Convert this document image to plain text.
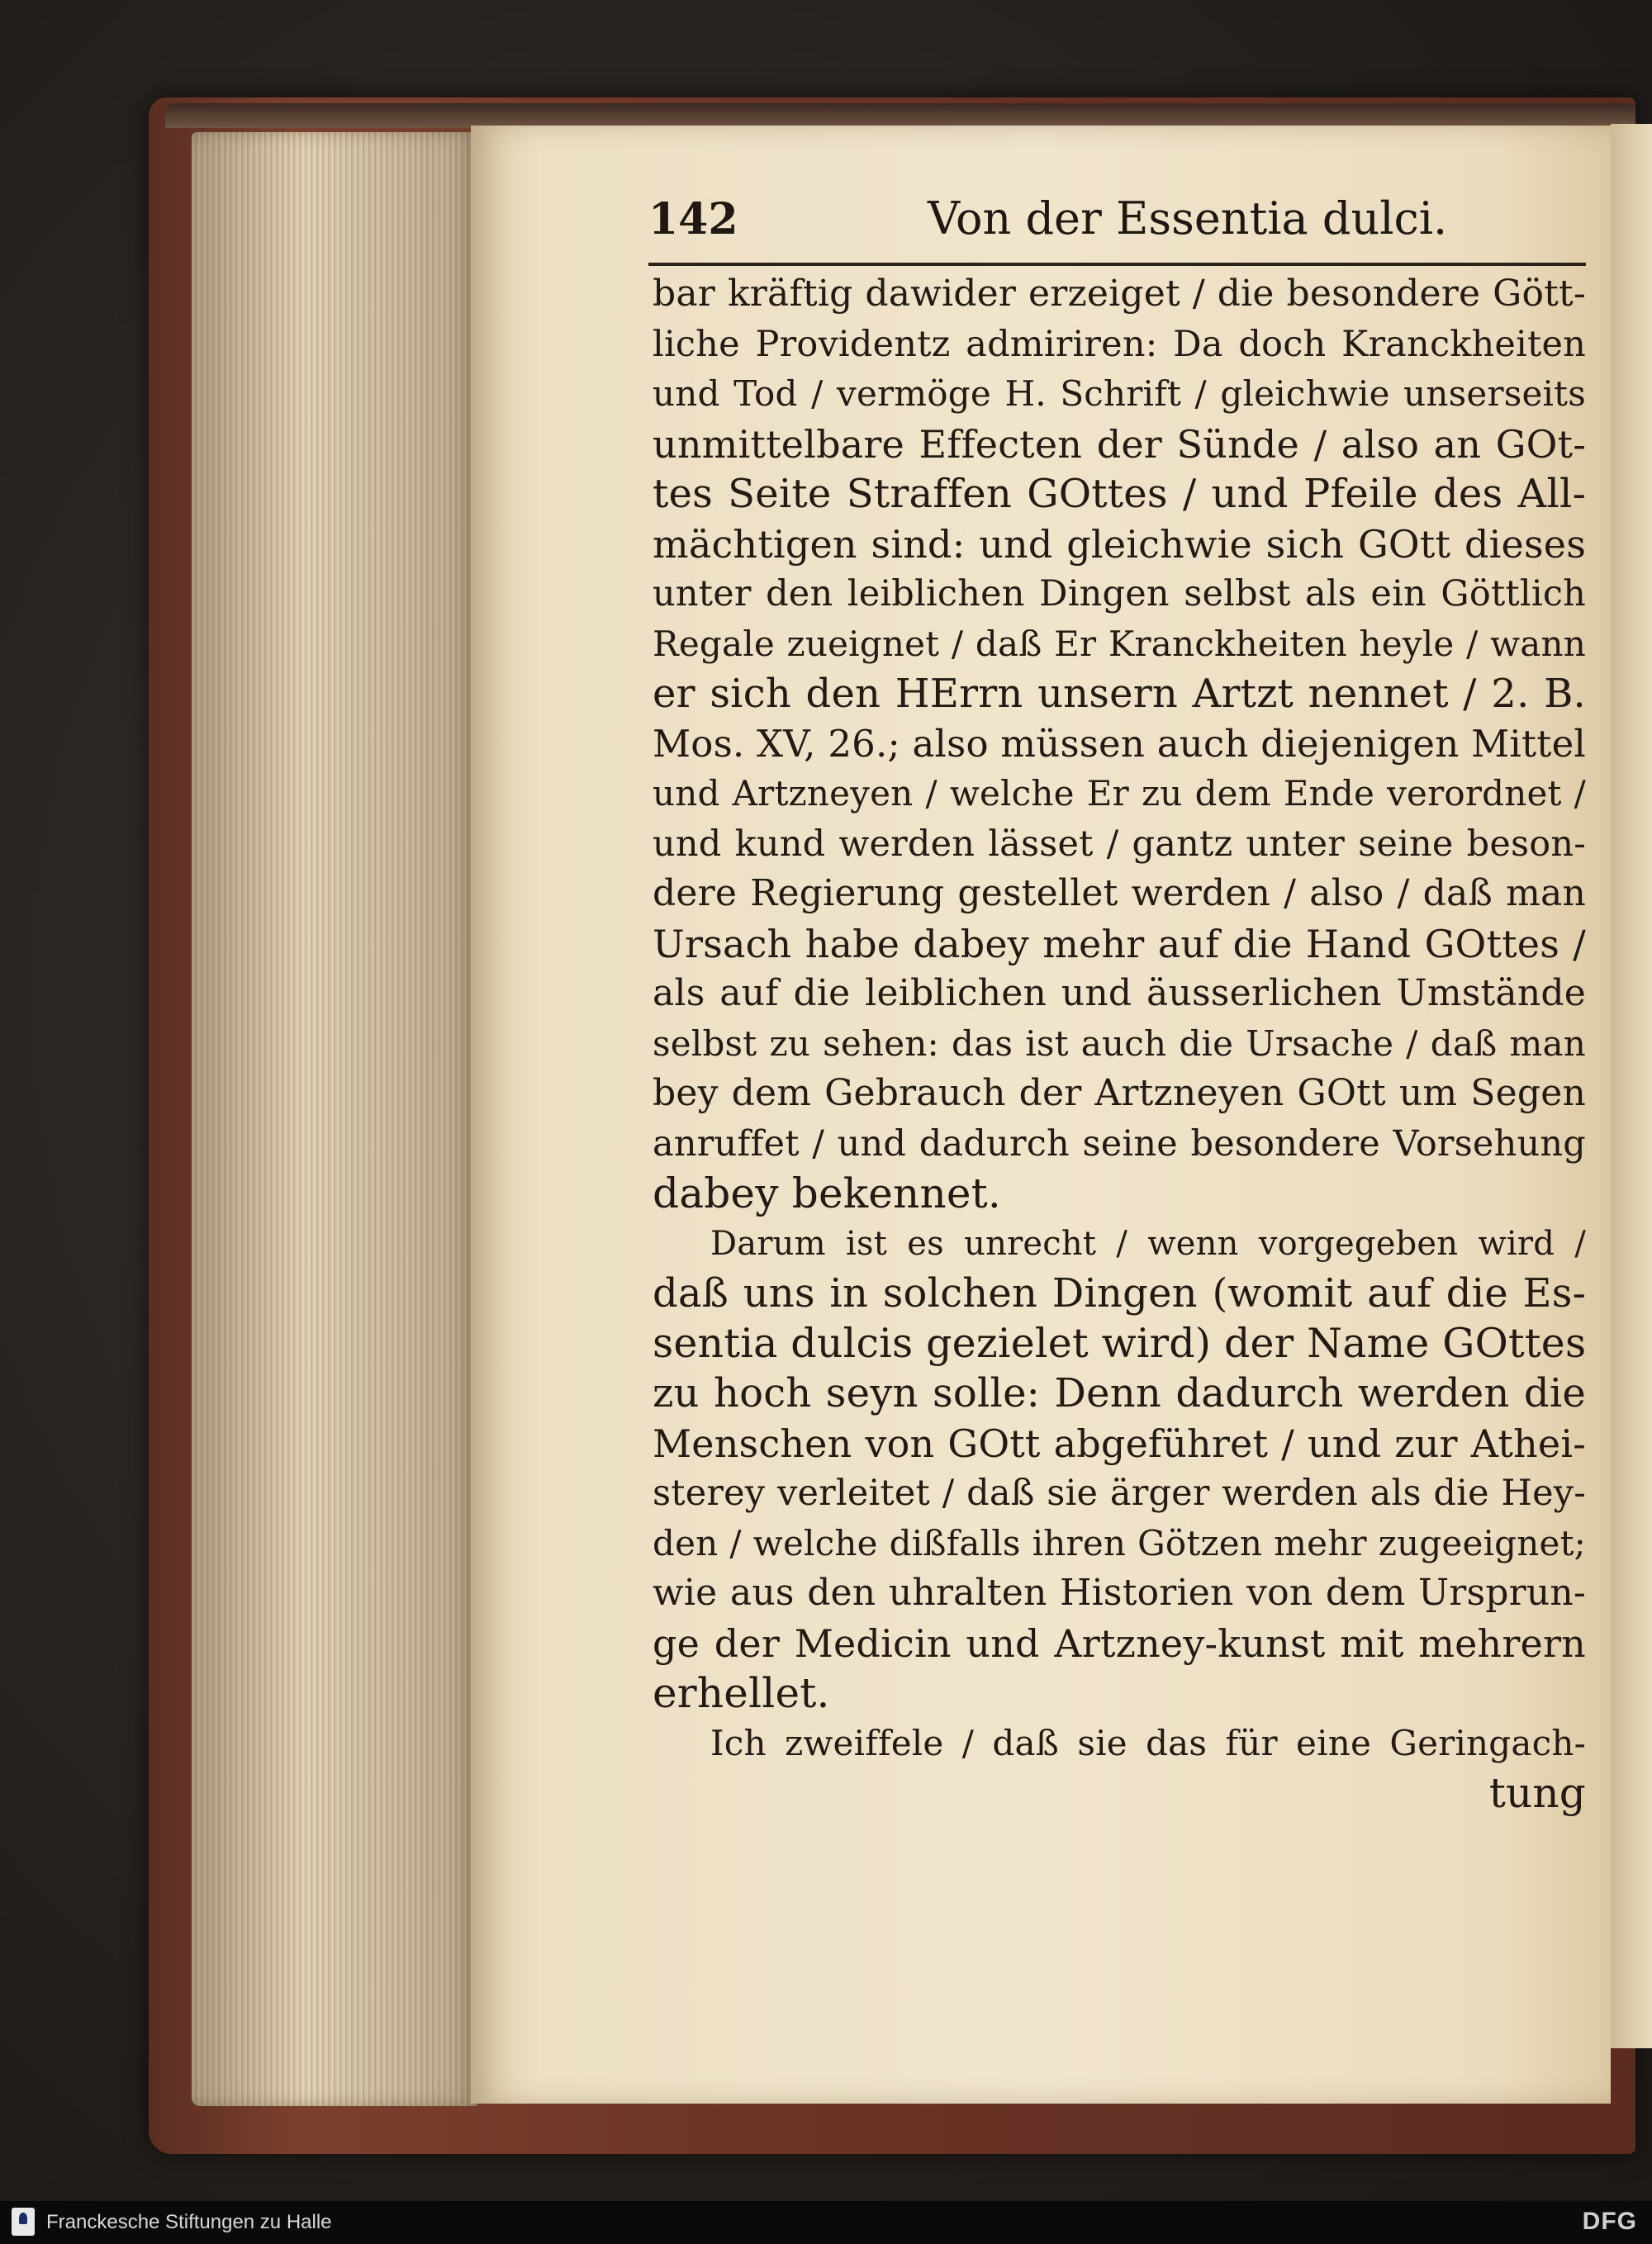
142	Von der Essentia dulci.
bar kräftig dawider erzeiget / die besondere Gött-
liche Providentz admiriren: Da doch Kranckheiten
und Tod / vermöge H. Schrift / gleichwie unserseits
unmittelbare Effecten der Sünde / also an GOt-
tes Seite Straffen GOttes / und Pfeile des All-
mächtigen sind: und gleichwie sich GOtt dieses
unter den leiblichen Dingen selbst als ein Göttlich
Regale zueignet / daß Er Kranckheiten heyle / wann
er sich den HErrn unsern Artzt nennet / 2. B.
Mos. XV, 26.; also müssen auch diejenigen Mittel
und Artzneyen / welche Er zu dem Ende verordnet /
und kund werden lässet / gantz unter seine beson-
dere Regierung gestellet werden / also / daß man
Ursach habe dabey mehr auf die Hand GOttes /
als auf die leiblichen und äusserlichen Umstände
selbst zu sehen: das ist auch die Ursache / daß man
bey dem Gebrauch der Artzneyen GOtt um Segen
anruffet / und dadurch seine besondere Vorsehung
dabey bekennet.
Darum ist es unrecht / wenn vorgegeben wird /
daß uns in solchen Dingen (womit auf die Es-
sentia dulcis gezielet wird) der Name GOttes
zu hoch seyn solle: Denn dadurch werden die
Menschen von GOtt abgeführet / und zur Athei-
sterey verleitet / daß sie ärger werden als die Hey-
den / welche dißfalls ihren Götzen mehr zugeeignet;
wie aus den uhralten Historien von dem Ursprun-
ge der Medicin und Artzney-kunst mit mehrern
erhellet.
Ich zweiffele / daß sie das für eine Geringach-
tung
Franckesche Stiftungen zu Halle	DFG
